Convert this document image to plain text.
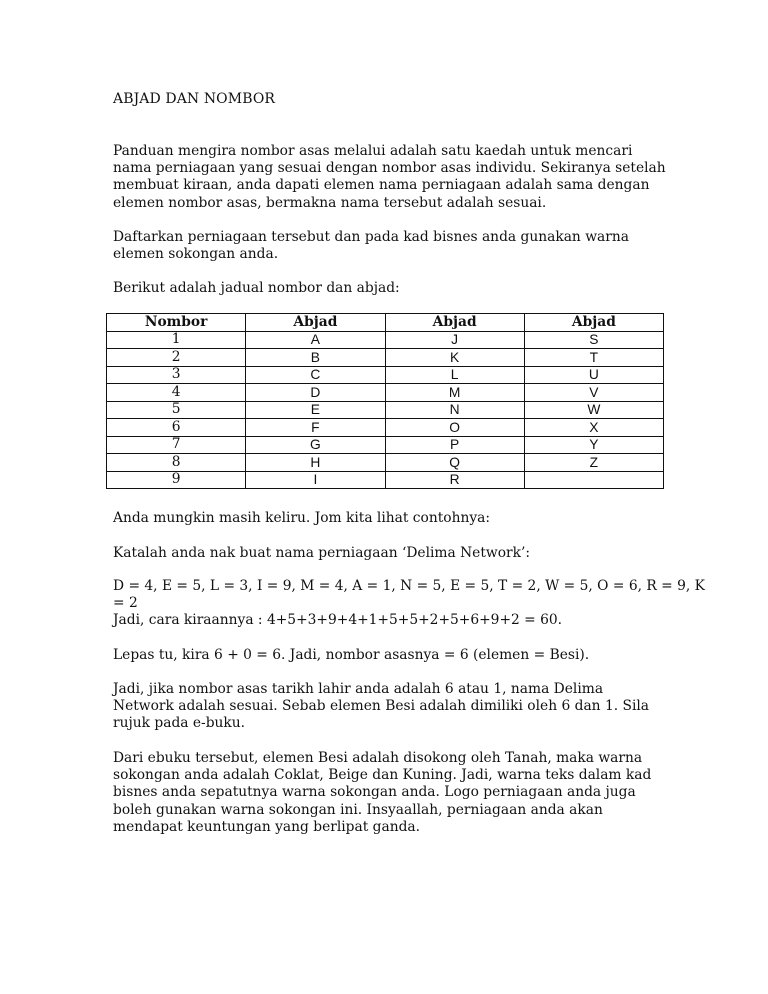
ABJAD DAN NOMBOR

Panduan mengira nombor asas melalui adalah satu kaedah untuk mencari nama perniagaan yang sesuai dengan nombor asas individu. Sekiranya setelah membuat kiraan, anda dapati elemen nama perniagaan adalah sama dengan elemen nombor asas, bermakna nama tersebut adalah sesuai.

Daftarkan perniagaan tersebut dan pada kad bisnes anda gunakan warna elemen sokongan anda.

Berikut adalah jadual nombor dan abjad:

Nombor	Abjad	Abjad	Abjad
1	A	J	S
2	B	K	T
3	C	L	U
4	D	M	V
5	E	N	W
6	F	O	X
7	G	P	Y
8	H	Q	Z
9	I	R	

Anda mungkin masih keliru. Jom kita lihat contohnya:

Katalah anda nak buat nama perniagaan ‘Delima Network’:

D = 4, E = 5, L = 3, I = 9, M = 4, A = 1, N = 5, E = 5, T = 2, W = 5, O = 6, R = 9, K = 2

Jadi, cara kiraannya : 4+5+3+9+4+1+5+5+2+5+6+9+2 = 60.

Lepas tu, kira 6 + 0 = 6. Jadi, nombor asasnya = 6 (elemen = Besi).

Jadi, jika nombor asas tarikh lahir anda adalah 6 atau 1, nama Delima Network adalah sesuai. Sebab elemen Besi adalah dimiliki oleh 6 dan 1. Sila rujuk pada e-buku.

Dari ebuku tersebut, elemen Besi adalah disokong oleh Tanah, maka warna sokongan anda adalah Coklat, Beige dan Kuning. Jadi, warna teks dalam kad bisnes anda sepatutnya warna sokongan anda. Logo perniagaan anda juga boleh gunakan warna sokongan ini. Insyaallah, perniagaan anda akan mendapat keuntungan yang berlipat ganda.
